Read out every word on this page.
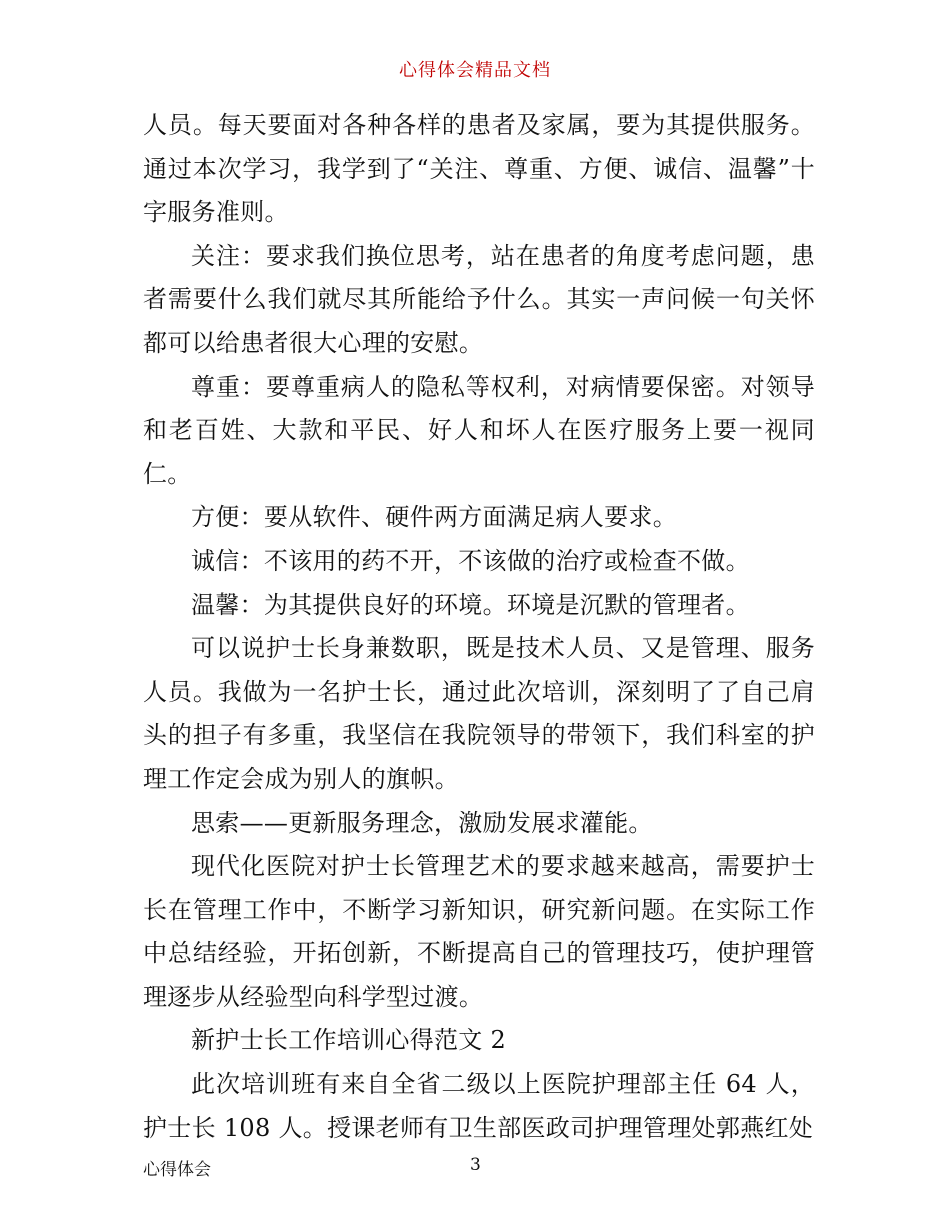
心得体会精品文档

人员。每天要面对各种各样的患者及家属，要为其提供服务。通过本次学习，我学到了“关注、尊重、方便、诚信、温馨”十字服务准则。

关注：要求我们换位思考，站在患者的角度考虑问题，患者需要什么我们就尽其所能给予什么。其实一声问候一句关怀都可以给患者很大心理的安慰。

尊重：要尊重病人的隐私等权利，对病情要保密。对领导和老百姓、大款和平民、好人和坏人在医疗服务上要一视同仁。

方便：要从软件、硬件两方面满足病人要求。

诚信：不该用的药不开，不该做的治疗或检查不做。

温馨：为其提供良好的环境。环境是沉默的管理者。

可以说护士长身兼数职，既是技术人员、又是管理、服务人员。我做为一名护士长，通过此次培训，深刻明了了自己肩头的担子有多重，我坚信在我院领导的带领下，我们科室的护理工作定会成为别人的旗帜。

思索——更新服务理念，激励发展求灌能。

现代化医院对护士长管理艺术的要求越来越高，需要护士长在管理工作中，不断学习新知识，研究新问题。在实际工作中总结经验，开拓创新，不断提高自己的管理技巧，使护理管理逐步从经验型向科学型过渡。

新护士长工作培训心得范文 2

此次培训班有来自全省二级以上医院护理部主任 64 人，护士长 108 人。授课老师有卫生部医政司护理管理处郭燕红处

心得体会	3
